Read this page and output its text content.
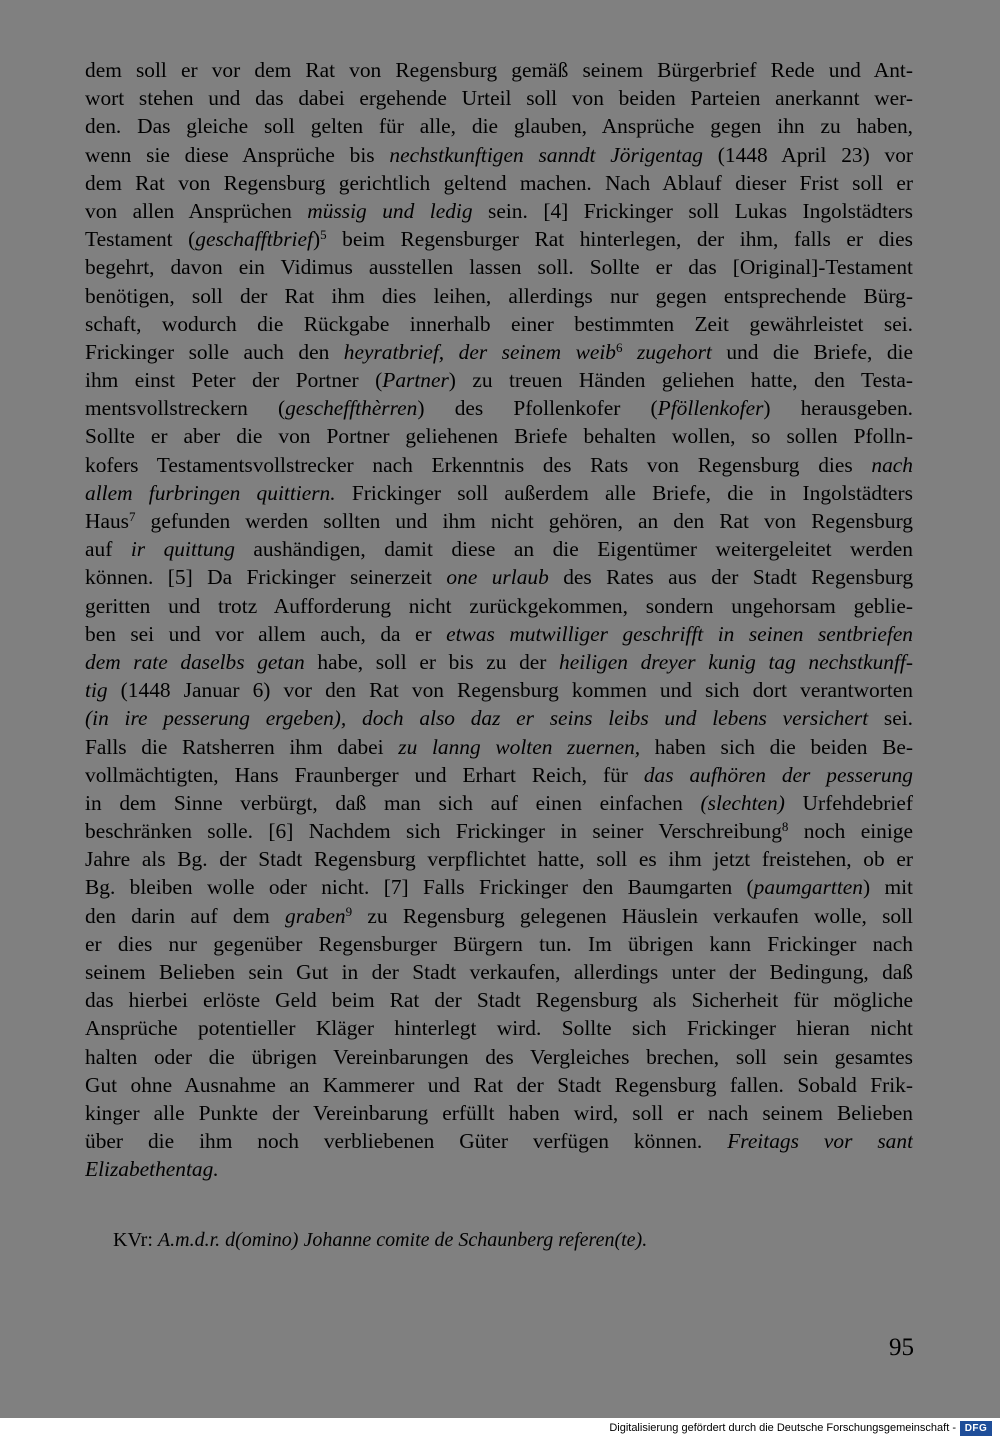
dem soll er vor dem Rat von Regensburg gemäß seinem Bürgerbrief Rede und Ant-
wort stehen und das dabei ergehende Urteil soll von beiden Parteien anerkannt wer-
den. Das gleiche soll gelten für alle, die glauben, Ansprüche gegen ihn zu haben,
wenn sie diese Ansprüche bis nechstkunftigen sanndt Jörigentag (1448 April 23) vor
dem Rat von Regensburg gerichtlich geltend machen. Nach Ablauf dieser Frist soll er
von allen Ansprüchen müssig und ledig sein. [4] Frickinger soll Lukas Ingolstädters
Testament (geschafftbrief)$^5$ beim Regensburger Rat hinterlegen, der ihm, falls er dies
begehrt, davon ein Vidimus ausstellen lassen soll. Sollte er das [Original]-Testament
benötigen, soll der Rat ihm dies leihen, allerdings nur gegen entsprechende Bürg-
schaft, wodurch die Rückgabe innerhalb einer bestimmten Zeit gewährleistet sei.
Frickinger solle auch den heyratbrief, der seinem weib$^6$ zugehort und die Briefe, die
ihm einst Peter der Portner (Partner) zu treuen Händen geliehen hatte, den Testa-
mentsvollstreckern (gescheffthèrren) des Pfollenkofer (Pföllenkofer) herausgeben.
Sollte er aber die von Portner geliehenen Briefe behalten wollen, so sollen Pfolln-
kofers Testamentsvollstrecker nach Erkenntnis des Rats von Regensburg dies nach
allem furbringen quittiern. Frickinger soll außerdem alle Briefe, die in Ingolstädters
Haus$^7$ gefunden werden sollten und ihm nicht gehören, an den Rat von Regensburg
auf ir quittung aushändigen, damit diese an die Eigentümer weitergeleitet werden
können. [5] Da Frickinger seinerzeit one urlaub des Rates aus der Stadt Regensburg
geritten und trotz Aufforderung nicht zurückgekommen, sondern ungehorsam geblie-
ben sei und vor allem auch, da er etwas mutwilliger geschrifft in seinen sentbriefen
dem rate daselbs getan habe, soll er bis zu der heiligen dreyer kunig tag nechstkunff-
tig (1448 Januar 6) vor den Rat von Regensburg kommen und sich dort verantworten
(in ire pesserung ergeben), doch also daz er seins leibs und lebens versichert sei.
Falls die Ratsherren ihm dabei zu lanng wolten zuernen, haben sich die beiden Be-
vollmächtigten, Hans Fraunberger und Erhart Reich, für das aufhören der pesserung
in dem Sinne verbürgt, daß man sich auf einen einfachen (slechten) Urfehdebrief
beschränken solle. [6] Nachdem sich Frickinger in seiner Verschreibung$^8$ noch einige
Jahre als Bg. der Stadt Regensburg verpflichtet hatte, soll es ihm jetzt freistehen, ob er
Bg. bleiben wolle oder nicht. [7] Falls Frickinger den Baumgarten (paumgartten) mit
den darin auf dem graben$^9$ zu Regensburg gelegenen Häuslein verkaufen wolle, soll
er dies nur gegenüber Regensburger Bürgern tun. Im übrigen kann Frickinger nach
seinem Belieben sein Gut in der Stadt verkaufen, allerdings unter der Bedingung, daß
das hierbei erlöste Geld beim Rat der Stadt Regensburg als Sicherheit für mögliche
Ansprüche potentieller Kläger hinterlegt wird. Sollte sich Frickinger hieran nicht
halten oder die übrigen Vereinbarungen des Vergleiches brechen, soll sein gesamtes
Gut ohne Ausnahme an Kammerer und Rat der Stadt Regensburg fallen. Sobald Frik-
kinger alle Punkte der Vereinbarung erfüllt haben wird, soll er nach seinem Belieben
über die ihm noch verbliebenen Güter verfügen können. Freitags vor sant
Elizabethentag.
KVr: A.m.d.r. d(omino) Johanne comite de Schaunberg referen(te).
95
Digitalisierung gefördert durch die Deutsche Forschungsgemeinschaft - DFG
